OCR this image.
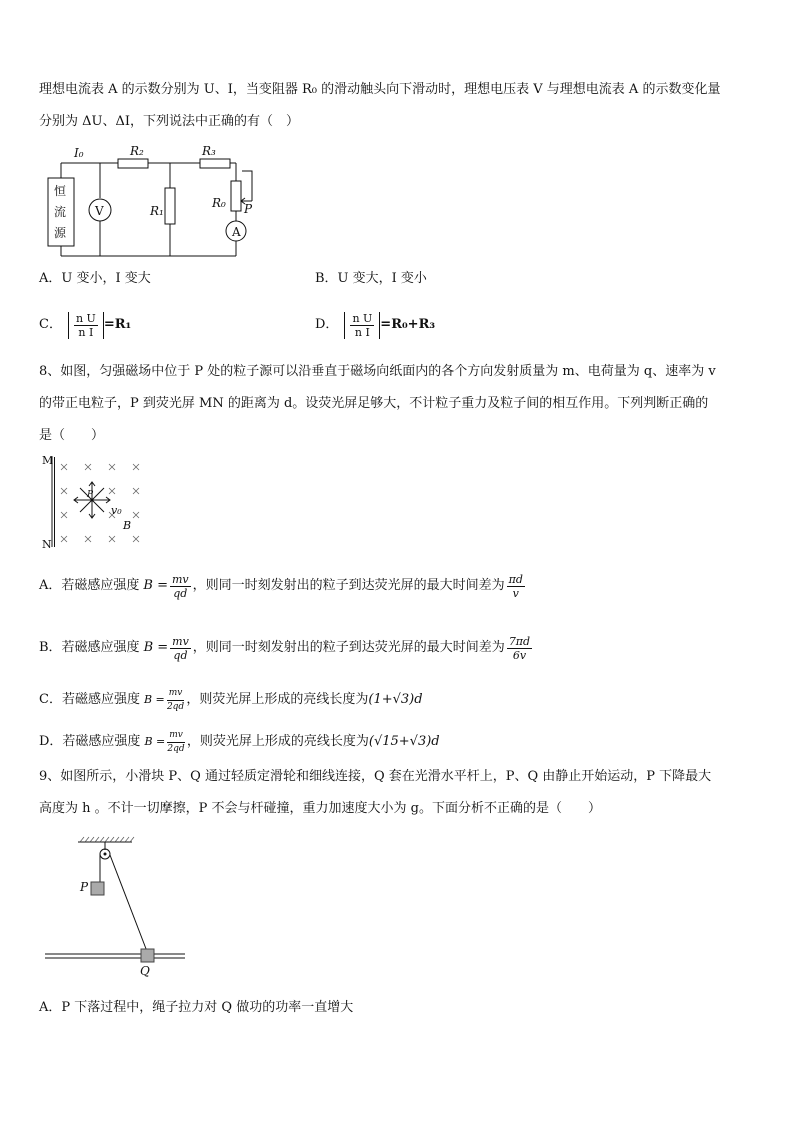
理想电流表 A 的示数分别为 U、I，当变阻器 R₀ 的滑动触头向下滑动时，理想电压表 V 与理想电流表 A 的示数变化量
分别为 ΔU、ΔI，下列说法中正确的有（　）
I₀	R₂	R₃
R₁
R₀ P
V
A
恒
流
源
A．U 变小，I 变大	B．U 变大，I 变小
C． $\frac{\text{n U}}{\text{n I}} =R_1$	D． $\frac{\text{n U}}{\text{n I}} =R_0+R_3$
8、如图，匀强磁场中位于 P 处的粒子源可以沿垂直于磁场向纸面内的各个方向发射质量为 m、电荷量为 q、速率为 v
的带正电粒子，P 到荧光屏 MN 的距离为 d。设荧光屏足够大，不计粒子重力及粒子间的相互作用。下列判断正确的
是（　　）
M
N
v₀
B
P
A．若磁感应强度 $B = \frac{mv}{qd}$ ，则同一时刻发射出的粒子到达荧光屏的最大时间差为 $\frac{\pi d}{v}$
B．若磁感应强度 $B = \frac{mv}{qd}$ ，则同一时刻发射出的粒子到达荧光屏的最大时间差为 $\frac{7\pi d}{6v}$
C．若磁感应强度 $B = \frac{mv}{2qd}$ ，则荧光屏上形成的亮线长度为 (1+√3)d
D．若磁感应强度 $B = \frac{mv}{2qd}$ ，则荧光屏上形成的亮线长度为 (√15+√3)d
9、如图所示，小滑块 P、Q 通过轻质定滑轮和细线连接，Q 套在光滑水平杆上，P、Q 由静止开始运动，P 下降最大
高度为 h 。不计一切摩擦，P 不会与杆碰撞，重力加速度大小为 g。下面分析不正确的是（　　）
P
Q
A．P 下落过程中，绳子拉力对 Q 做功的功率一直增大
